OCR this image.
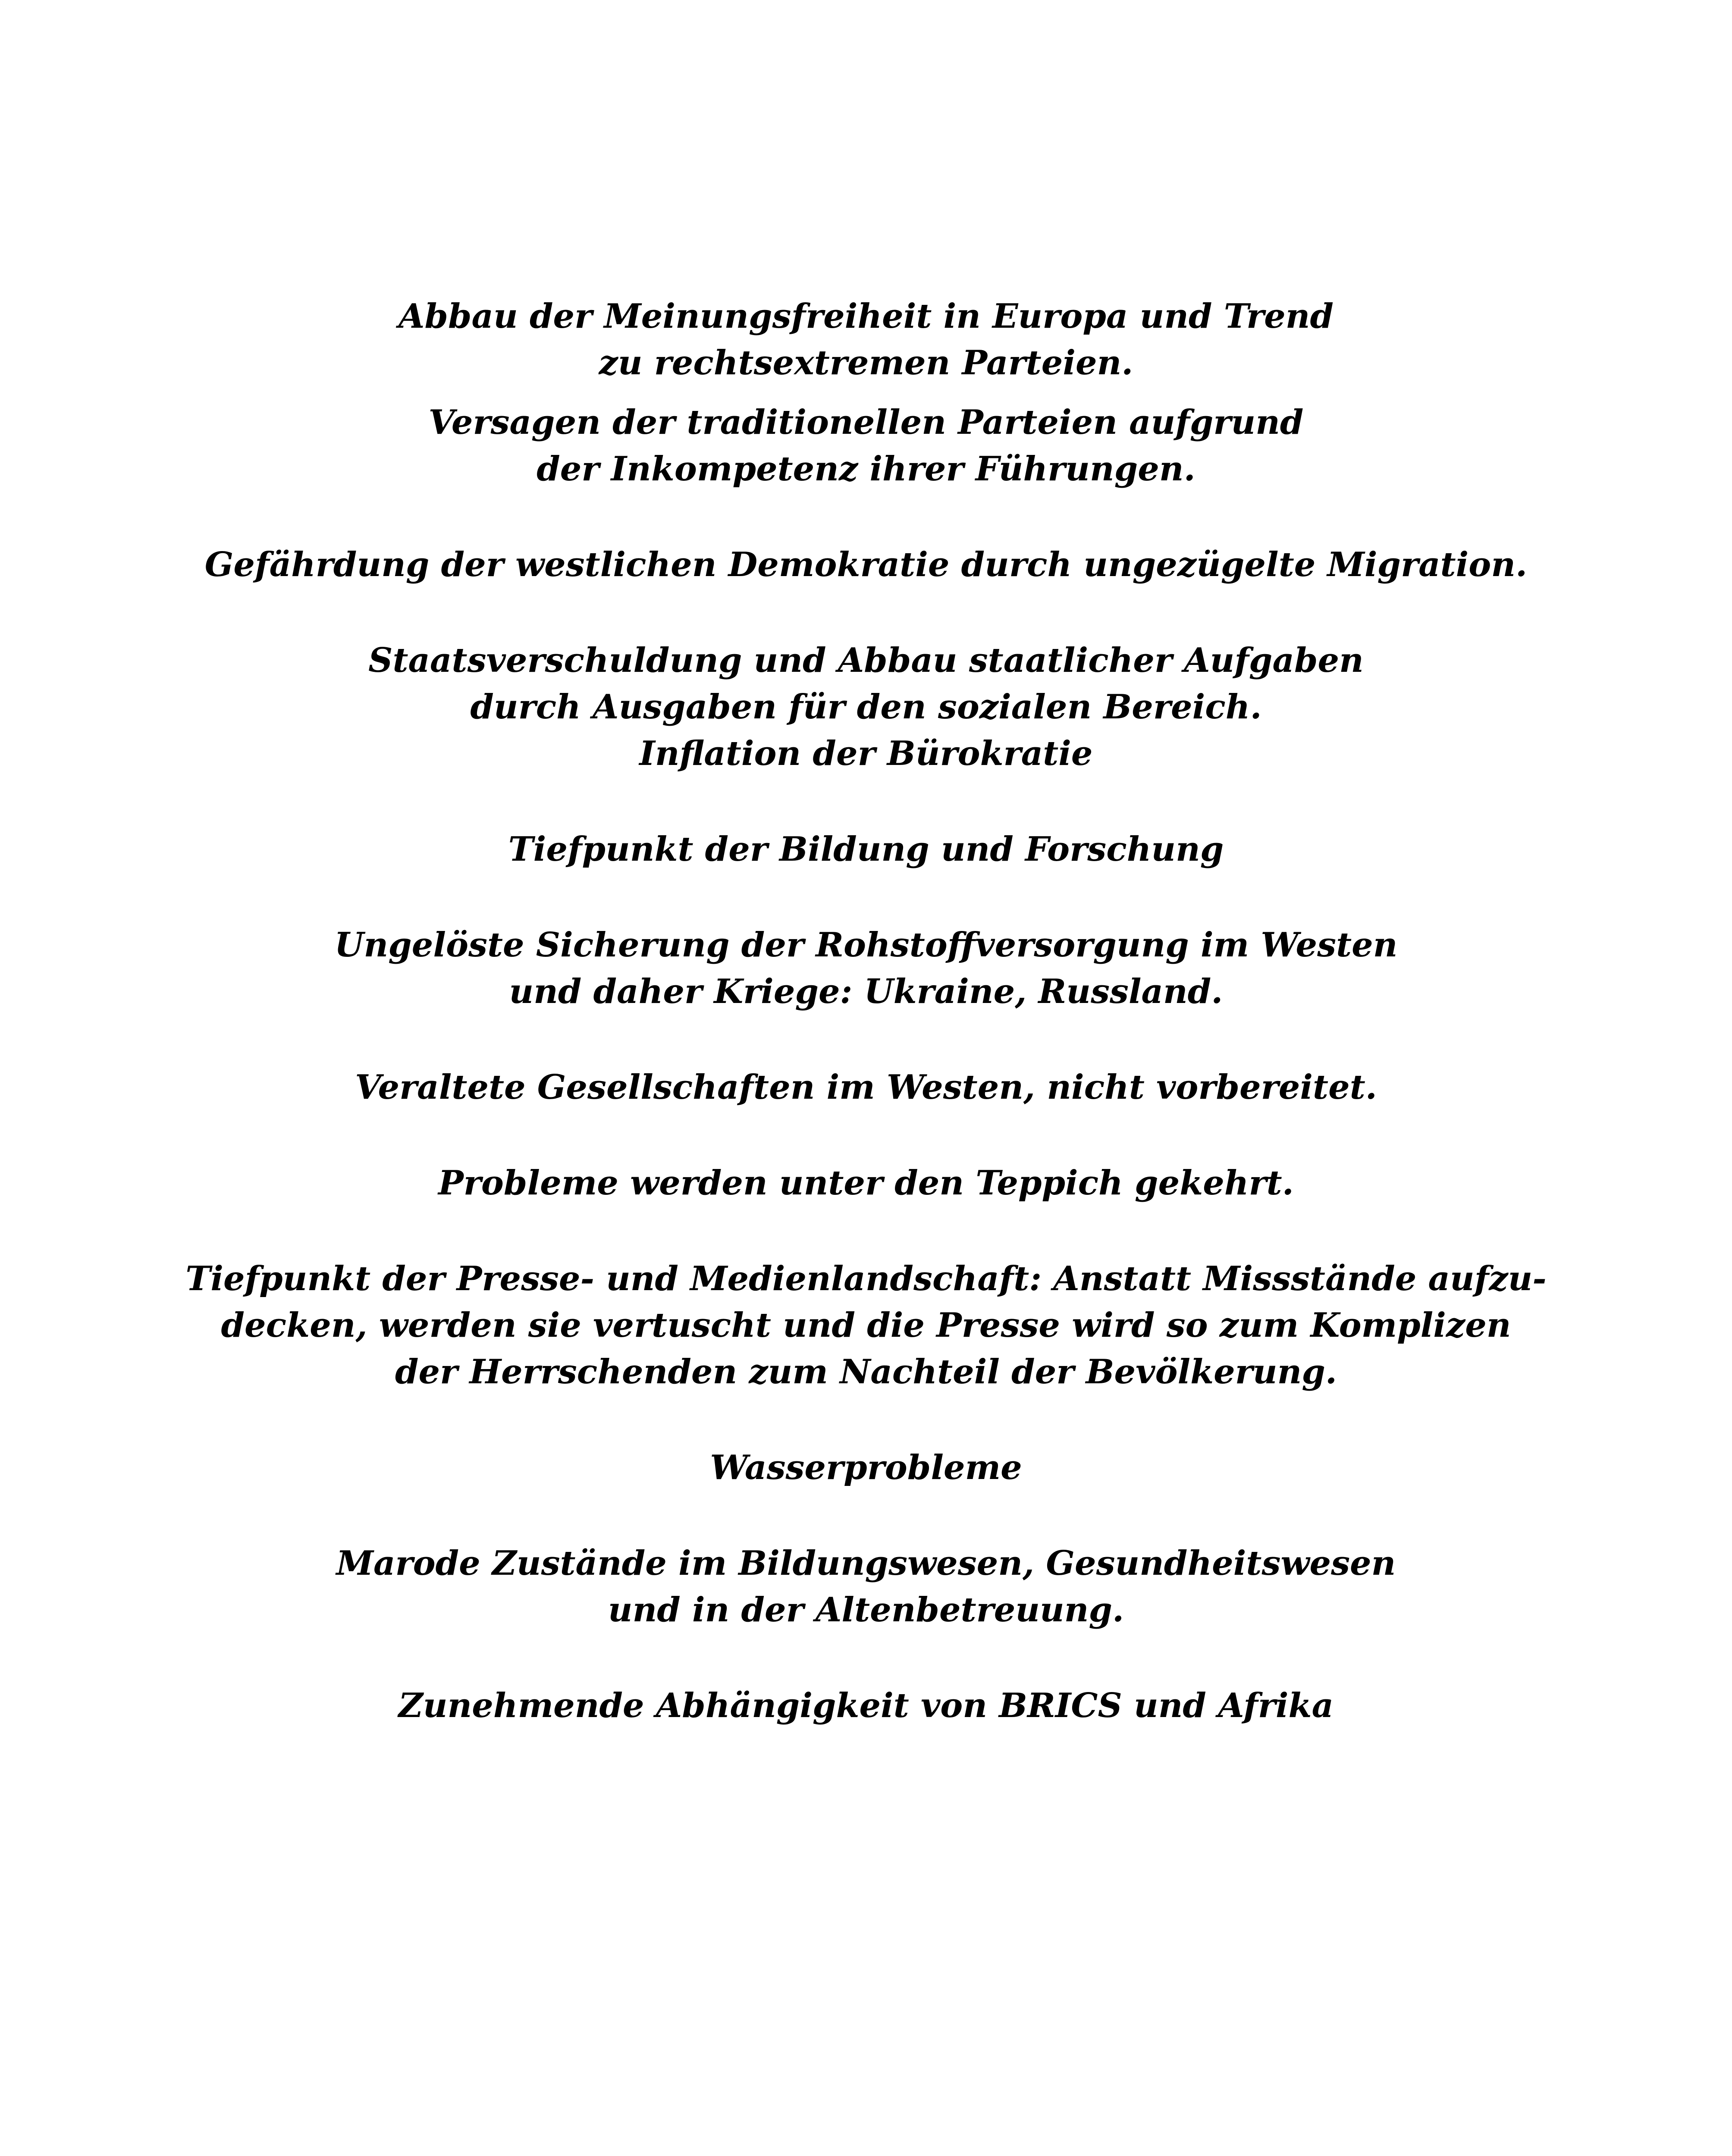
Abbau der Meinungsfreiheit in Europa und Trend
zu rechtsextremen Parteien.
Versagen der traditionellen Parteien aufgrund
der Inkompetenz ihrer Führungen.
Gefährdung der westlichen Demokratie durch ungezügelte Migration.
Staatsverschuldung und Abbau staatlicher Aufgaben
durch Ausgaben für den sozialen Bereich.
Inflation der Bürokratie
Tiefpunkt der Bildung und Forschung
Ungelöste Sicherung der Rohstoffversorgung im Westen
und daher Kriege: Ukraine, Russland.
Veraltete Gesellschaften im Westen, nicht vorbereitet.
Probleme werden unter den Teppich gekehrt.
Tiefpunkt der Presse- und Medienlandschaft: Anstatt Missstände aufzu-
decken, werden sie vertuscht und die Presse wird so zum Komplizen
der Herrschenden zum Nachteil der Bevölkerung.
Wasserprobleme
Marode Zustände im Bildungswesen, Gesundheitswesen
und in der Altenbetreuung.
Zunehmende Abhängigkeit von BRICS und Afrika
